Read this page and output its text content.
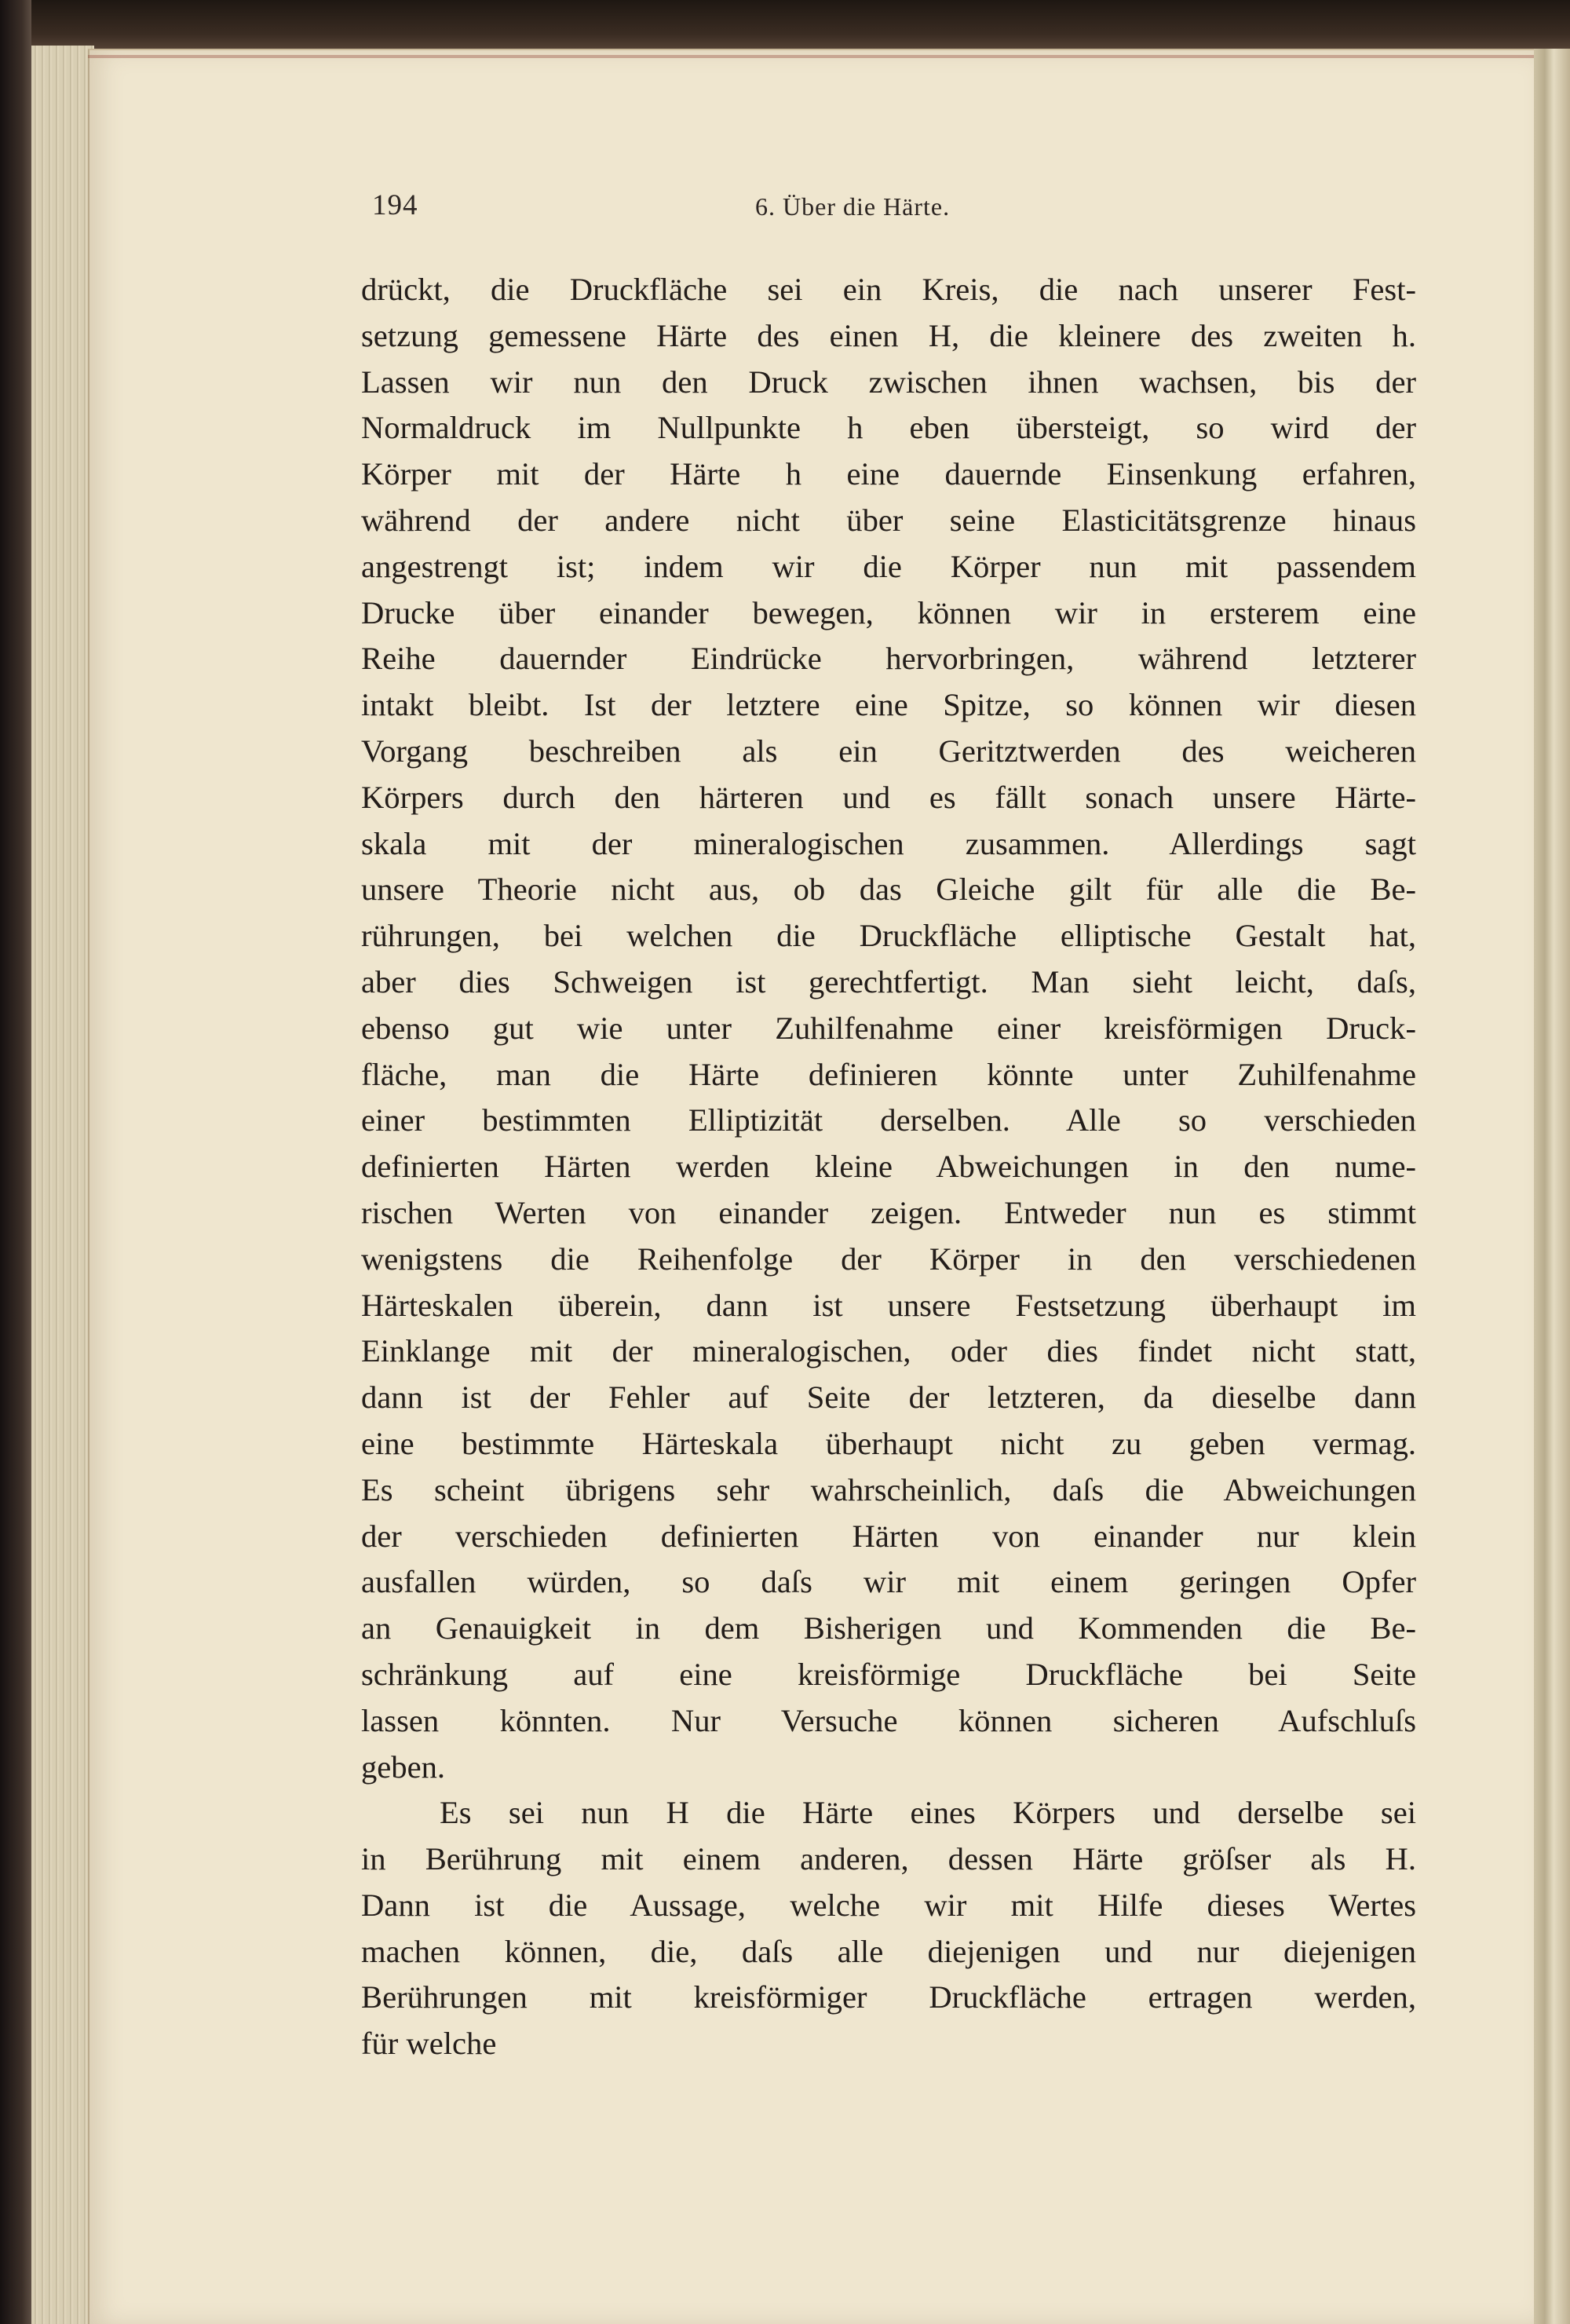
194	6. Über die Härte.
drückt, die Druckfläche sei ein Kreis, die nach unserer Fest-
setzung gemessene Härte des einen H, die kleinere des zweiten h.
Lassen wir nun den Druck zwischen ihnen wachsen, bis der
Normaldruck im Nullpunkte h eben übersteigt, so wird der
Körper mit der Härte h eine dauernde Einsenkung erfahren,
während der andere nicht über seine Elasticitätsgrenze hinaus
angestrengt ist; indem wir die Körper nun mit passendem
Drucke über einander bewegen, können wir in ersterem eine
Reihe dauernder Eindrücke hervorbringen, während letzterer
intakt bleibt. Ist der letztere eine Spitze, so können wir diesen
Vorgang beschreiben als ein Geritztwerden des weicheren
Körpers durch den härteren und es fällt sonach unsere Härte-
skala mit der mineralogischen zusammen. Allerdings sagt
unsere Theorie nicht aus, ob das Gleiche gilt für alle die Be-
rührungen, bei welchen die Druckfläche elliptische Gestalt hat,
aber dies Schweigen ist gerechtfertigt. Man sieht leicht, daſs,
ebenso gut wie unter Zuhilfenahme einer kreisförmigen Druck-
fläche, man die Härte definieren könnte unter Zuhilfenahme
einer bestimmten Elliptizität derselben. Alle so verschieden
definierten Härten werden kleine Abweichungen in den nume-
rischen Werten von einander zeigen. Entweder nun es stimmt
wenigstens die Reihenfolge der Körper in den verschiedenen
Härteskalen überein, dann ist unsere Festsetzung überhaupt im
Einklange mit der mineralogischen, oder dies findet nicht statt,
dann ist der Fehler auf Seite der letzteren, da dieselbe dann
eine bestimmte Härteskala überhaupt nicht zu geben vermag.
Es scheint übrigens sehr wahrscheinlich, daſs die Abweichungen
der verschieden definierten Härten von einander nur klein
ausfallen würden, so daſs wir mit einem geringen Opfer
an Genauigkeit in dem Bisherigen und Kommenden die Be-
schränkung auf eine kreisförmige Druckfläche bei Seite
lassen könnten. Nur Versuche können sicheren Aufschluſs
geben.
Es sei nun H die Härte eines Körpers und derselbe sei
in Berührung mit einem anderen, dessen Härte gröſser als H.
Dann ist die Aussage, welche wir mit Hilfe dieses Wertes
machen können, die, daſs alle diejenigen und nur diejenigen
Berührungen mit kreisförmiger Druckfläche ertragen werden,
für welche
